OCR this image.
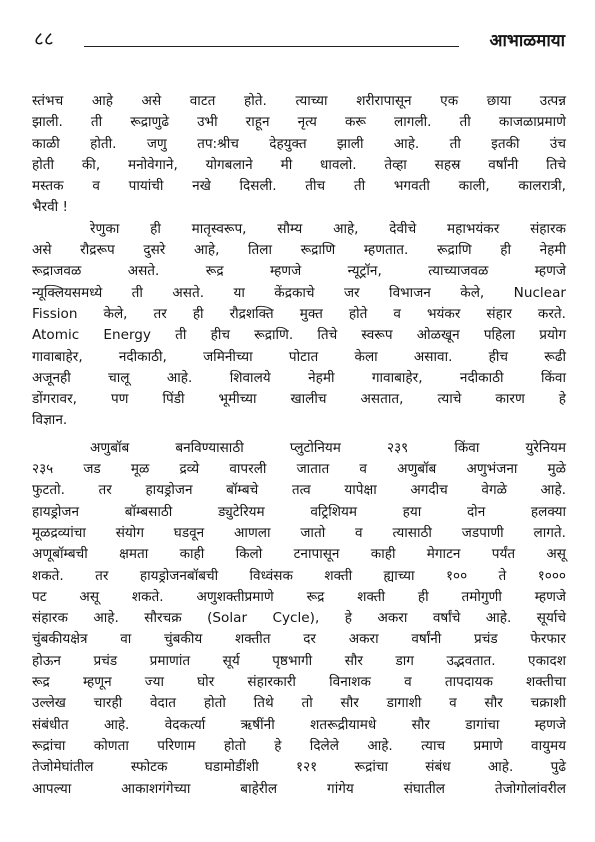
८८	आभाळमाया
स्तंभच आहे असे वाटत होते. त्याच्या शरीरापासून एक छाया उत्पन्न
झाली. ती रूद्राणुढे उभी राहून नृत्य करू लागली. ती काजळाप्रमाणे
काळी होती. जणु तप:श्रीच देहयुक्त झाली आहे. ती इतकी उंच
होती की, मनोवेगाने, योगबलाने मी धावलो. तेव्हा सहस्र वर्षांनी तिचे
मस्तक व पायांची नखे दिसली. तीच ती भगवती काली, कालरात्री,
भैरवी !
रेणुका ही मातृस्वरूप, सौम्य आहे, देवीचे महाभयंकर संहारक
असे रौद्ररूप दुसरे आहे, तिला रूद्राणि म्हणतात. रूद्राणि ही नेहमी
रूद्राजवळ असते. रूद्र म्हणजे न्यूट्रॉन, त्याच्याजवळ म्हणजे
न्यूक्लियसमध्ये ती असते. या केंद्रकाचे जर विभाजन केले, Nuclear
Fission केले, तर ही रौद्रशक्ति मुक्त होते व भयंकर संहार करते.
Atomic Energy ती हीच रूद्राणि. तिचे स्वरूप ओळखून पहिला प्रयोग
गावाबाहेर, नदीकाठी, जमिनीच्या पोटात केला असावा. हीच रूढी
अजूनही चालू आहे. शिवालये नेहमी गावाबाहेर, नदीकाठी किंवा
डोंगरावर, पण पिंडी भूमीच्या खालीच असतात, त्याचे कारण हे
विज्ञान.
अणुबॉब बनविण्यासाठी प्लुटोनियम २३९ किंवा युरेनियम
२३५ जड मूळ द्रव्ये वापरली जातात व अणुबॉब अणुभंजना मुळे
फुटतो. तर हायड्रोजन बॉम्बचे तत्व यापेक्षा अगदीच वेगळे आहे.
हायड्रोजन बॉम्बसाठी ड्युटेरियम वट्रिशियम हया दोन हलक्या
मूळद्रव्यांचा संयोग घडवून आणला जातो व त्यासाठी जडपाणी लागते.
अणूबॉम्बची क्षमता काही किलो टनापासून काही मेगाटन पर्यंत असू
शकते. तर हायड्रोजनबॉबची विध्वंसक शक्ती ह्याच्या १०० ते १०००
पट असू शकते. अणुशक्तीप्रमाणे रूद्र शक्ती ही तमोगुणी म्हणजे
संहारक आहे. सौरचक्र (Solar Cycle), हे अकरा वर्षांचे आहे. सूर्याचे
चुंबकीयक्षेत्र वा चुंबकीय शक्तीत दर अकरा वर्षांनी प्रचंड फेरफार
होऊन प्रचंड प्रमाणांत सूर्य पृष्ठभागी सौर डाग उद्भवतात. एकादश
रूद्र म्हणून ज्या घोर संहारकारी विनाशक व तापदायक शक्तीचा
उल्लेख चारही वेदात होतो तिथे तो सौर डागाशी व सौर चक्राशी
संबंधीत आहे. वेदकर्त्या ऋषींनी शतरूद्रीयामधे सौर डागांचा म्हणजे
रूद्रांचा कोणता परिणाम होतो हे दिलेले आहे. त्याच प्रमाणे वायुमय
तेजोमेघांतील स्फोटक घडामोडींशी १२१ रूद्रांचा संबंध आहे. पुढे
आपल्या आकाशगंगेच्या बाहेरील गांगेय संघातील तेजोगोलांवरील
